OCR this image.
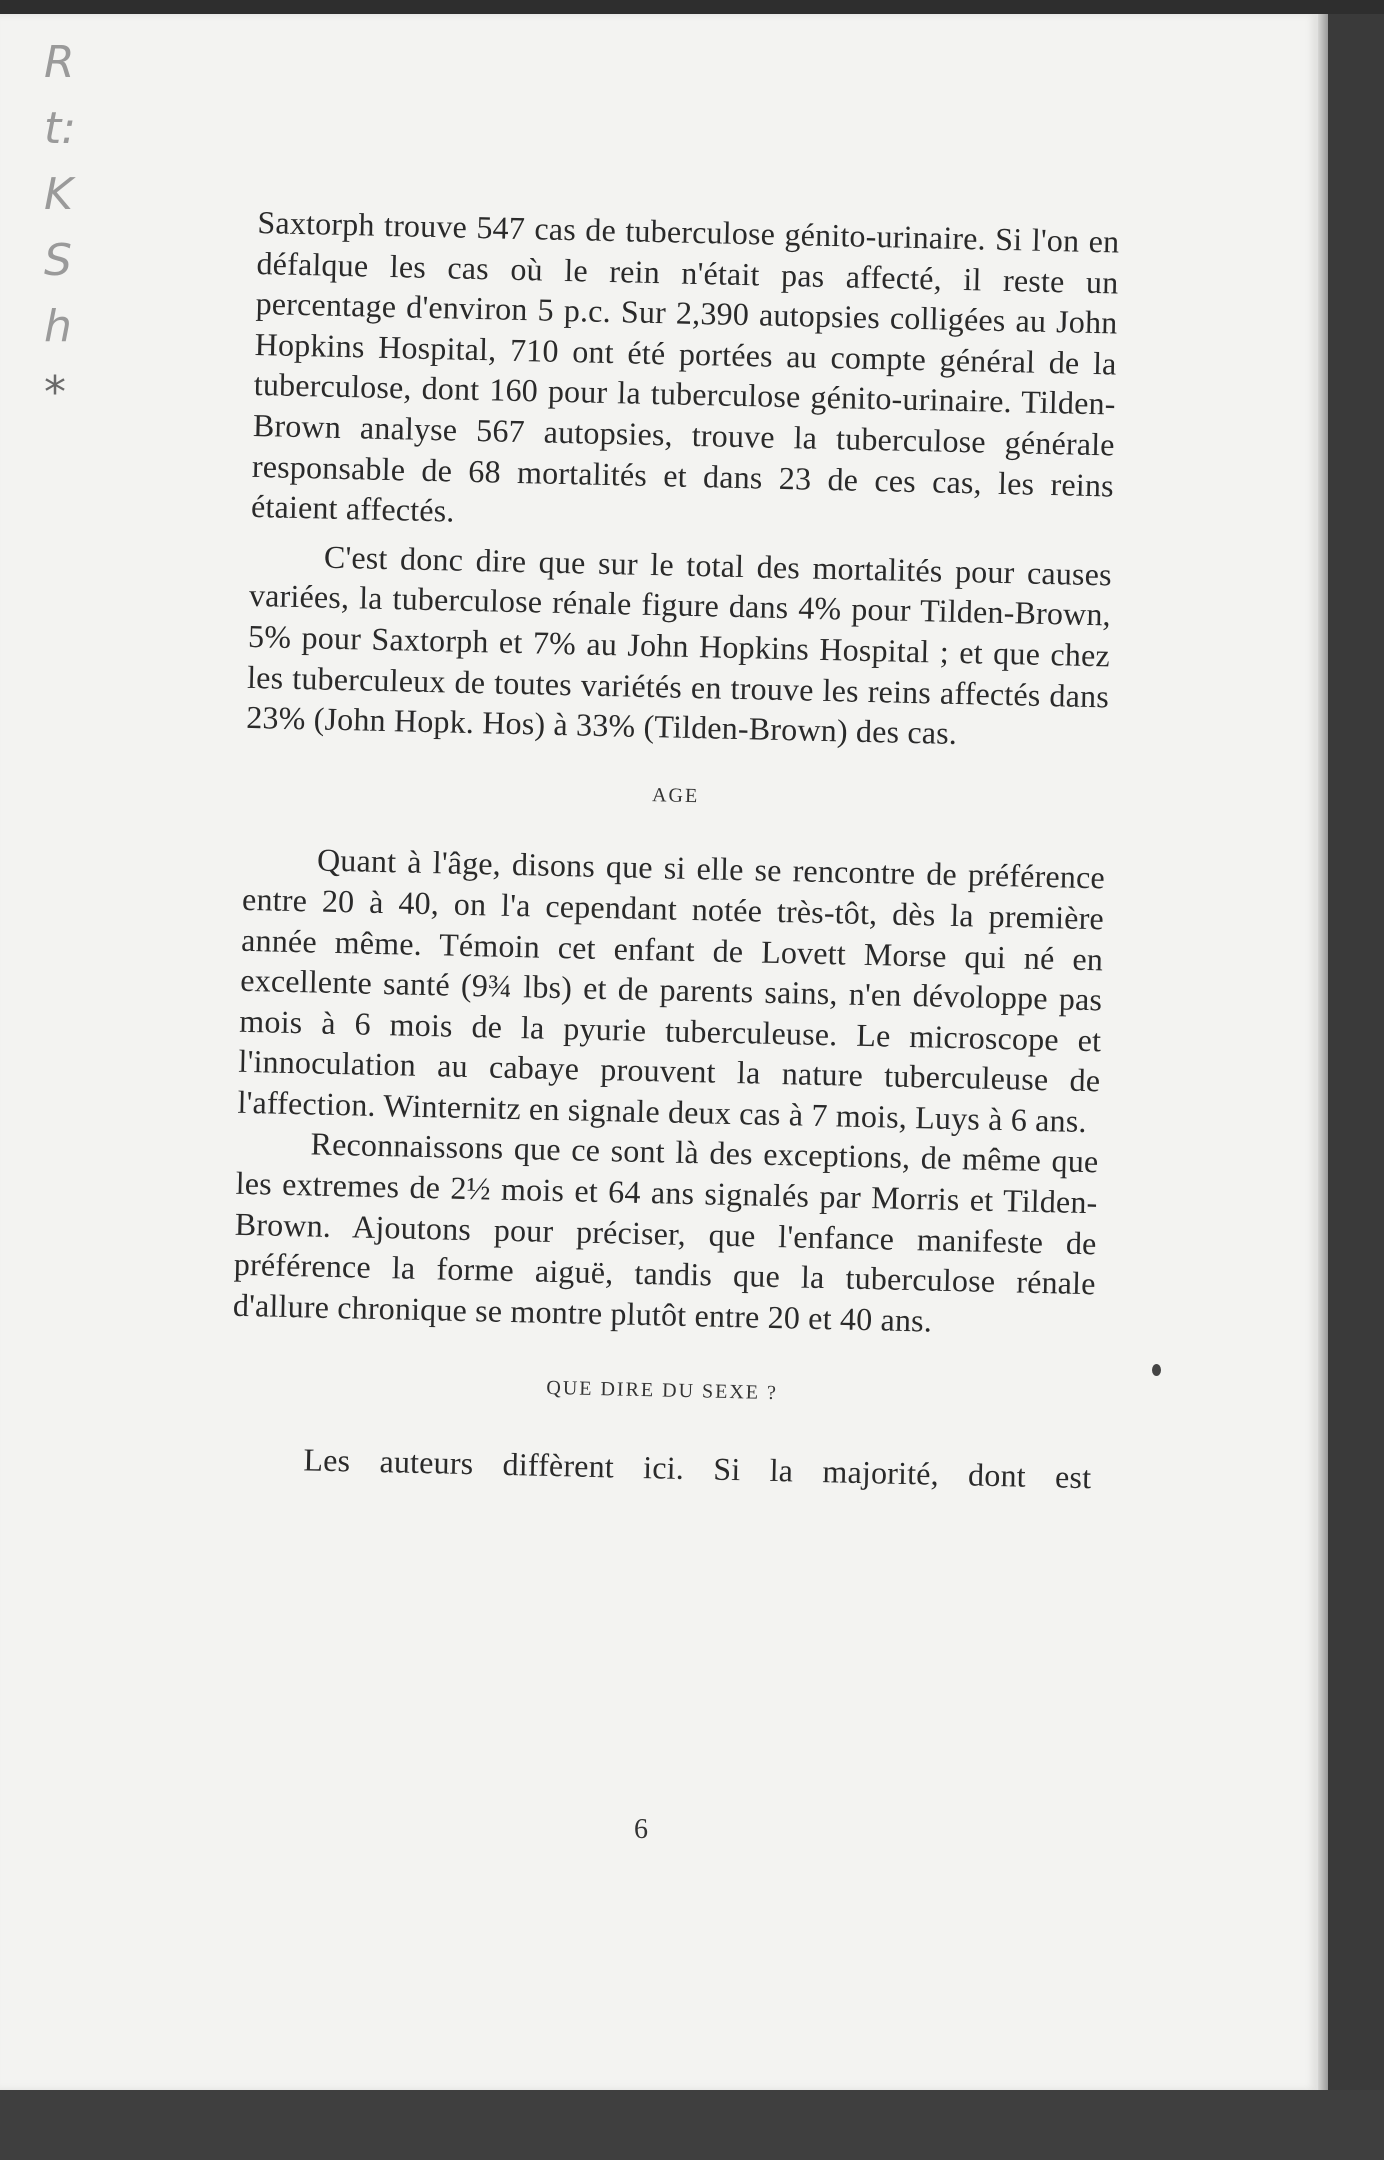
R
t:
K
S
h
*

Saxtorph trouve 547 cas de tuberculose génito-urinaire. Si l'on en défalque les cas où le rein n'était pas affecté, il reste un percentage d'environ 5 p.c. Sur 2,390 autopsies colligées au John Hopkins Hospital, 710 ont été portées au compte général de la tuberculose, dont 160 pour la tuberculose génito-urinaire. Tilden-Brown analyse 567 autopsies, trouve la tuberculose générale responsable de 68 mortalités et dans 23 de ces cas, les reins étaient affectés.

C'est donc dire que sur le total des mortalités pour causes variées, la tuberculose rénale figure dans 4% pour Tilden-Brown, 5% pour Saxtorph et 7% au John Hopkins Hospital ; et que chez les tuberculeux de toutes variétés en trouve les reins affectés dans 23% (John Hopk. Hos) à 33% (Tilden-Brown) des cas.

AGE

Quant à l'âge, disons que si elle se rencontre de préférence entre 20 à 40, on l'a cependant notée très-tôt, dès la première année même. Témoin cet enfant de Lovett Morse qui né en excellente santé (9¾ lbs) et de parents sains, n'en dévoloppe pas mois à 6 mois de la pyurie tuberculeuse. Le microscope et l'innoculation au cabaye prouvent la nature tuberculeuse de l'affection. Winternitz en signale deux cas à 7 mois, Luys à 6 ans.

Reconnaissons que ce sont là des exceptions, de même que les extremes de 2½ mois et 64 ans signalés par Morris et Tilden-Brown. Ajoutons pour préciser, que l'enfance manifeste de préférence la forme aiguë, tandis que la tuberculose rénale d'allure chronique se montre plutôt entre 20 et 40 ans.

QUE DIRE DU SEXE ?

Les auteurs diffèrent ici. Si la majorité, dont est

6
